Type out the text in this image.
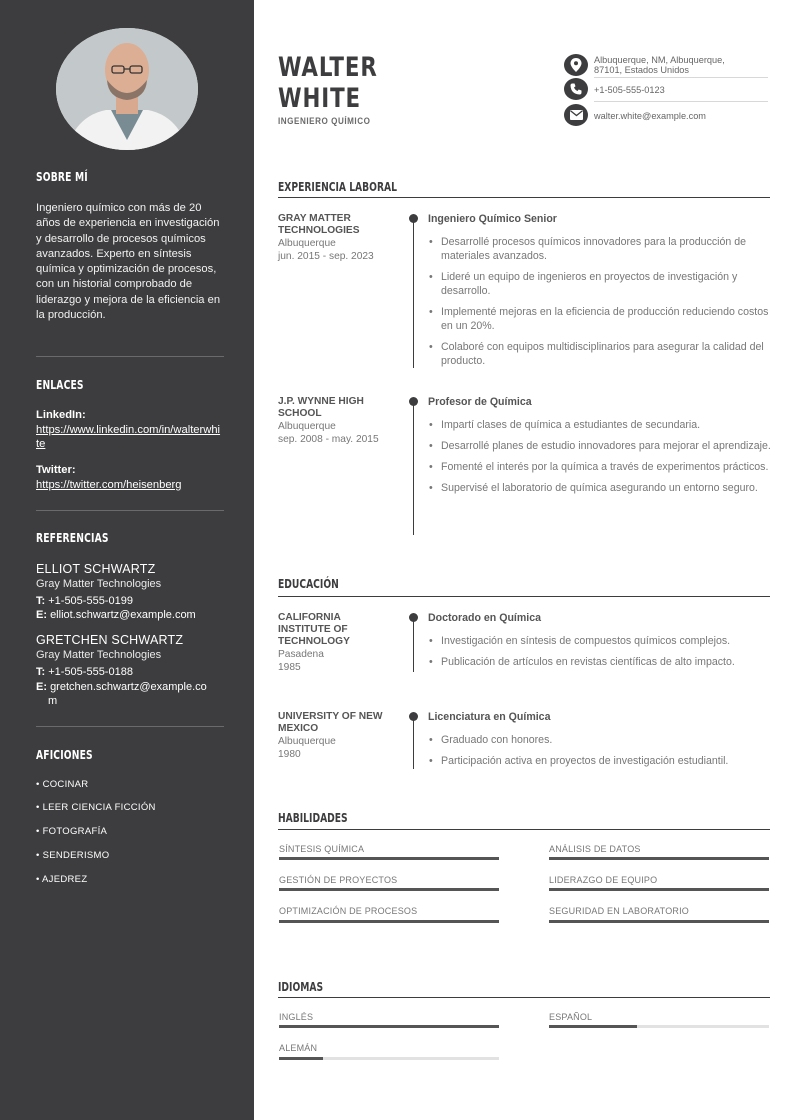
SOBRE MÍ
Ingeniero químico con más de 20 años de experiencia en investigación y desarrollo de procesos químicos avanzados. Experto en síntesis química y optimización de procesos, con un historial comprobado de liderazgo y mejora de la eficiencia en la producción.
ENLACES
LinkedIn:
https://www.linkedin.com/in/walterwhite
Twitter:
https://twitter.com/heisenberg
REFERENCIAS
ELLIOT SCHWARTZ
Gray Matter Technologies
T: +1-505-555-0199
E: elliot.schwartz@example.com
GRETCHEN SCHWARTZ
Gray Matter Technologies
T: +1-505-555-0188
E: gretchen.schwartz@example.co
m
AFICIONES
• COCINAR
• LEER CIENCIA FICCIÓN
• FOTOGRAFÍA
• SENDERISMO
• AJEDREZ
WALTER
WHITE
INGENIERO QUÍMICO
Albuquerque, NM, Albuquerque,
87101, Estados Unidos
+1-505-555-0123
walter.white@example.com
EXPERIENCIA LABORAL
GRAY MATTER
TECHNOLOGIES
Albuquerque
jun. 2015 - sep. 2023
Ingeniero Químico Senior
• Desarrollé procesos químicos innovadores para la producción de materiales avanzados.
• Lideré un equipo de ingenieros en proyectos de investigación y desarrollo.
• Implementé mejoras en la eficiencia de producción reduciendo costos en un 20%.
• Colaboré con equipos multidisciplinarios para asegurar la calidad del producto.
J.P. WYNNE HIGH
SCHOOL
Albuquerque
sep. 2008 - may. 2015
Profesor de Química
• Impartí clases de química a estudiantes de secundaria.
• Desarrollé planes de estudio innovadores para mejorar el aprendizaje.
• Fomenté el interés por la química a través de experimentos prácticos.
• Supervisé el laboratorio de química asegurando un entorno seguro.
EDUCACIÓN
CALIFORNIA
INSTITUTE OF
TECHNOLOGY
Pasadena
1985
Doctorado en Química
• Investigación en síntesis de compuestos químicos complejos.
• Publicación de artículos en revistas científicas de alto impacto.
UNIVERSITY OF NEW
MEXICO
Albuquerque
1980
Licenciatura en Química
• Graduado con honores.
• Participación activa en proyectos de investigación estudiantil.
HABILIDADES
SÍNTESIS QUÍMICA	ANÁLISIS DE DATOS
GESTIÓN DE PROYECTOS	LIDERAZGO DE EQUIPO
OPTIMIZACIÓN DE PROCESOS	SEGURIDAD EN LABORATORIO
IDIOMAS
INGLÉS	ESPAÑOL
ALEMÁN
